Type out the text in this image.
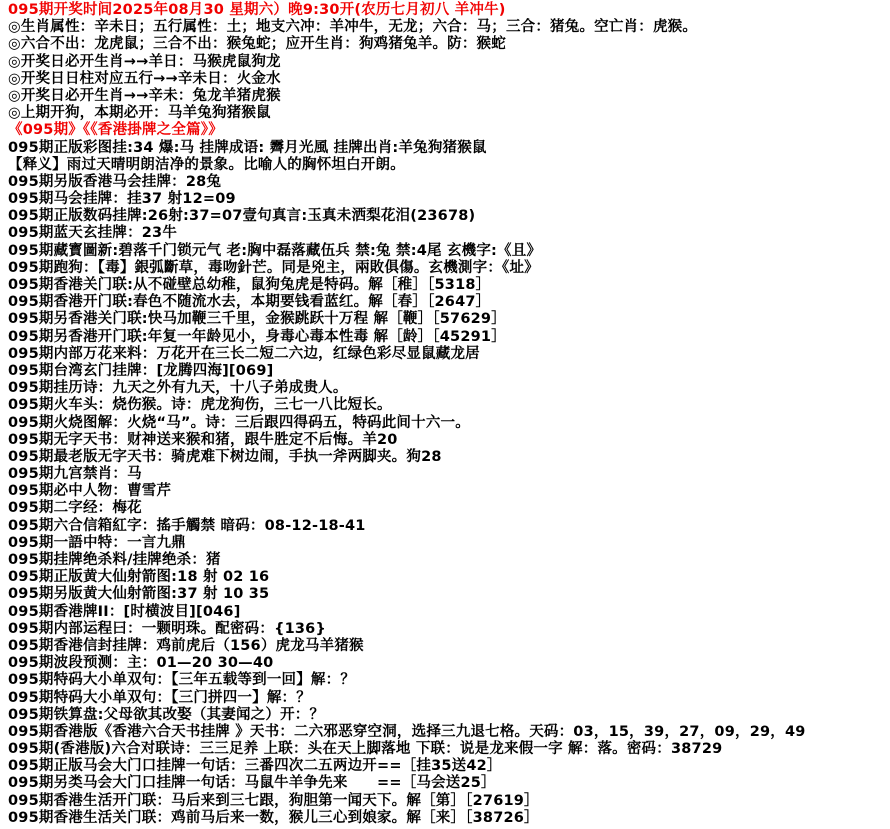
095期开奖时间2025年08月30 星期六）晚9:30开(农历七月初八 羊冲牛)
◎生肖属性：辛未日；五行属性：土；地支六冲：羊冲牛，无龙；六合：马；三合：猪兔。空亡肖：虎猴。
◎六合不出：龙虎鼠；三合不出：猴兔蛇；应开生肖：狗鸡猪兔羊。防：猴蛇
◎开奖日必开生肖→→羊日：马猴虎鼠狗龙
◎开奖日日柱对应五行→→辛未日：火金水
◎开奖日必开生肖→→辛未：兔龙羊猪虎猴
◎上期开狗，本期必开：马羊兔狗猪猴鼠
《095期》《《香港掛牌之全篇》》
095期正版彩图挂:34 爆:马 挂牌成语: 霽月光風 挂牌出肖:羊兔狗猪猴鼠
【释义】雨过天晴明朗洁净的景象。比喻人的胸怀坦白开朗。
095期另版香港马会挂牌：28兔
095期马会挂牌：挂37 射12=09
095期正版数码挂牌:26射:37=07壹句真言:玉真未洒梨花泪(23678)
095期蓝天玄挂牌：23牛
095期藏寳圖新:碧落千门锁元气 老:胸中磊落藏伍兵 禁:兔 禁:4尾 玄機字:《且》
095期跑狗：【毒】銀弧斷草，毒吻針芒。同是兇主，兩敗俱傷。玄機測字：《址》
095期香港关门联:从不碰壁总幼稚，鼠狗兔虎是特码。解［稚］［5318］
095期香港开门联:春色不随流水去，本期要钱看蓝红。解［春］［2647］
095期另香港关门联:快马加鞭三千里，金猴跳跃十万程 解［鞭］［57629］
095期另香港开门联:年复一年龄见小，身毒心毒本性毒 解［龄］［45291］
095期内部万花来料：万花开在三长二短二六边，红绿色彩尽显鼠藏龙居
095期台湾玄门挂牌：[龙腾四海][069]
095期挂历诗：九天之外有九天，十八子弟成贵人。
095期火车头：烧伤猴。诗：虎龙狗伤，三七一八比短长。
095期火烧图解：火烧“马”。诗：三后跟四得码五，特码此间十六一。
095期无字天书：财神送来猴和猪，跟牛胜定不后悔。羊20
095期最老版无字天书：骑虎难下树边闹，手执一斧两脚夹。狗28
095期九宫禁肖：马
095期必中人物：曹雪芹
095期二字经：梅花
095期六合信箱紅字：搖手觸禁 暗码：08-12-18-41
095期一語中特：一言九鼎
095期挂牌绝杀料/挂牌绝杀：猪
095期正版黄大仙射箭图:18 射 02 16
095期另版黄大仙射箭图:37 射 10 35
095期香港牌II：[时横波目][046]
095期内部运程曰：一颗明珠。配密码：{136}
095期香港信封挂牌：鸡前虎后（156）虎龙马羊猪猴
095期波段预测：主：01—20 30—40
095期特码大小单双句：【三年五载等到一回】解：？
095期特码大小单双句：【三门拼四一】解：？
095期铁算盘:父母欲其改娶（其妻闻之）开：？
095期香港版《香港六合天书挂牌 》天书：二六邪恶穿空洞，选择三九退七格。天码：03，15，39，27，09，29，49
095期(香港版)六合对联诗：三三足养 上联：头在天上脚落地 下联：说是龙来假一字 解：落。密码：38729
095期正版马会大门口挂牌一句话：三番四次二五两边开==［挂35送42］
095期另类马会大门口挂牌一句话：马鼠牛羊争先来　　==［马会送25］
095期香港生活开门联：马后来到三七跟，狗胆第一闻天下。解［第］［27619］
095期香港生活关门联：鸡前马后来一数，猴儿三心到娘家。解［来］［38726］
